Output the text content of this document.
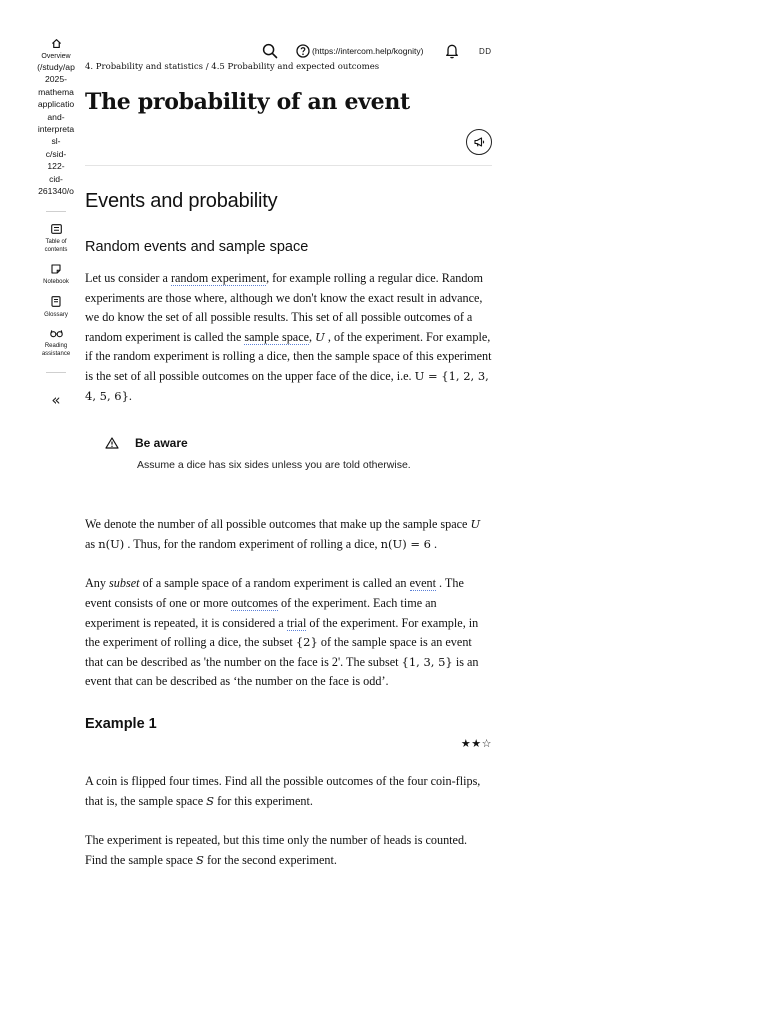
Overview
(/study/ap
2025-
mathema
applicatio
and-
interpreta
sl-
c/sid-
122-
cid-
261340/o
Table of contents
Notebook
Glossary
Reading assistance
«
(https://intercom.help/kognity)	DD
4. Probability and statistics / 4.5 Probability and expected outcomes
The probability of an event
Events and probability
Random events and sample space

Let us consider a random experiment, for example rolling a regular dice. Random experiments are those where, although we don't know the exact result in advance, we do know the set of all possible results. This set of all possible outcomes of a random experiment is called the sample space, U , of the experiment. For example, if the random experiment is rolling a dice, then the sample space of this experiment is the set of all possible outcomes on the upper face of the dice, i.e. U = {1, 2, 3, 4, 5, 6}.

Be aware
Assume a dice has six sides unless you are told otherwise.

We denote the number of all possible outcomes that make up the sample space U as n(U) . Thus, for the random experiment of rolling a dice, n(U) = 6 .

Any subset of a sample space of a random experiment is called an event . The event consists of one or more outcomes of the experiment. Each time an experiment is repeated, it is considered a trial of the experiment. For example, in the experiment of rolling a dice, the subset {2} of the sample space is an event that can be described as 'the number on the face is 2'. The subset {1, 3, 5} is an event that can be described as ‘the number on the face is odd’.

Example 1
★★☆

A coin is flipped four times. Find all the possible outcomes of the four coin-flips, that is, the sample space S for this experiment.

The experiment is repeated, but this time only the number of heads is counted. Find the sample space S for the second experiment.
